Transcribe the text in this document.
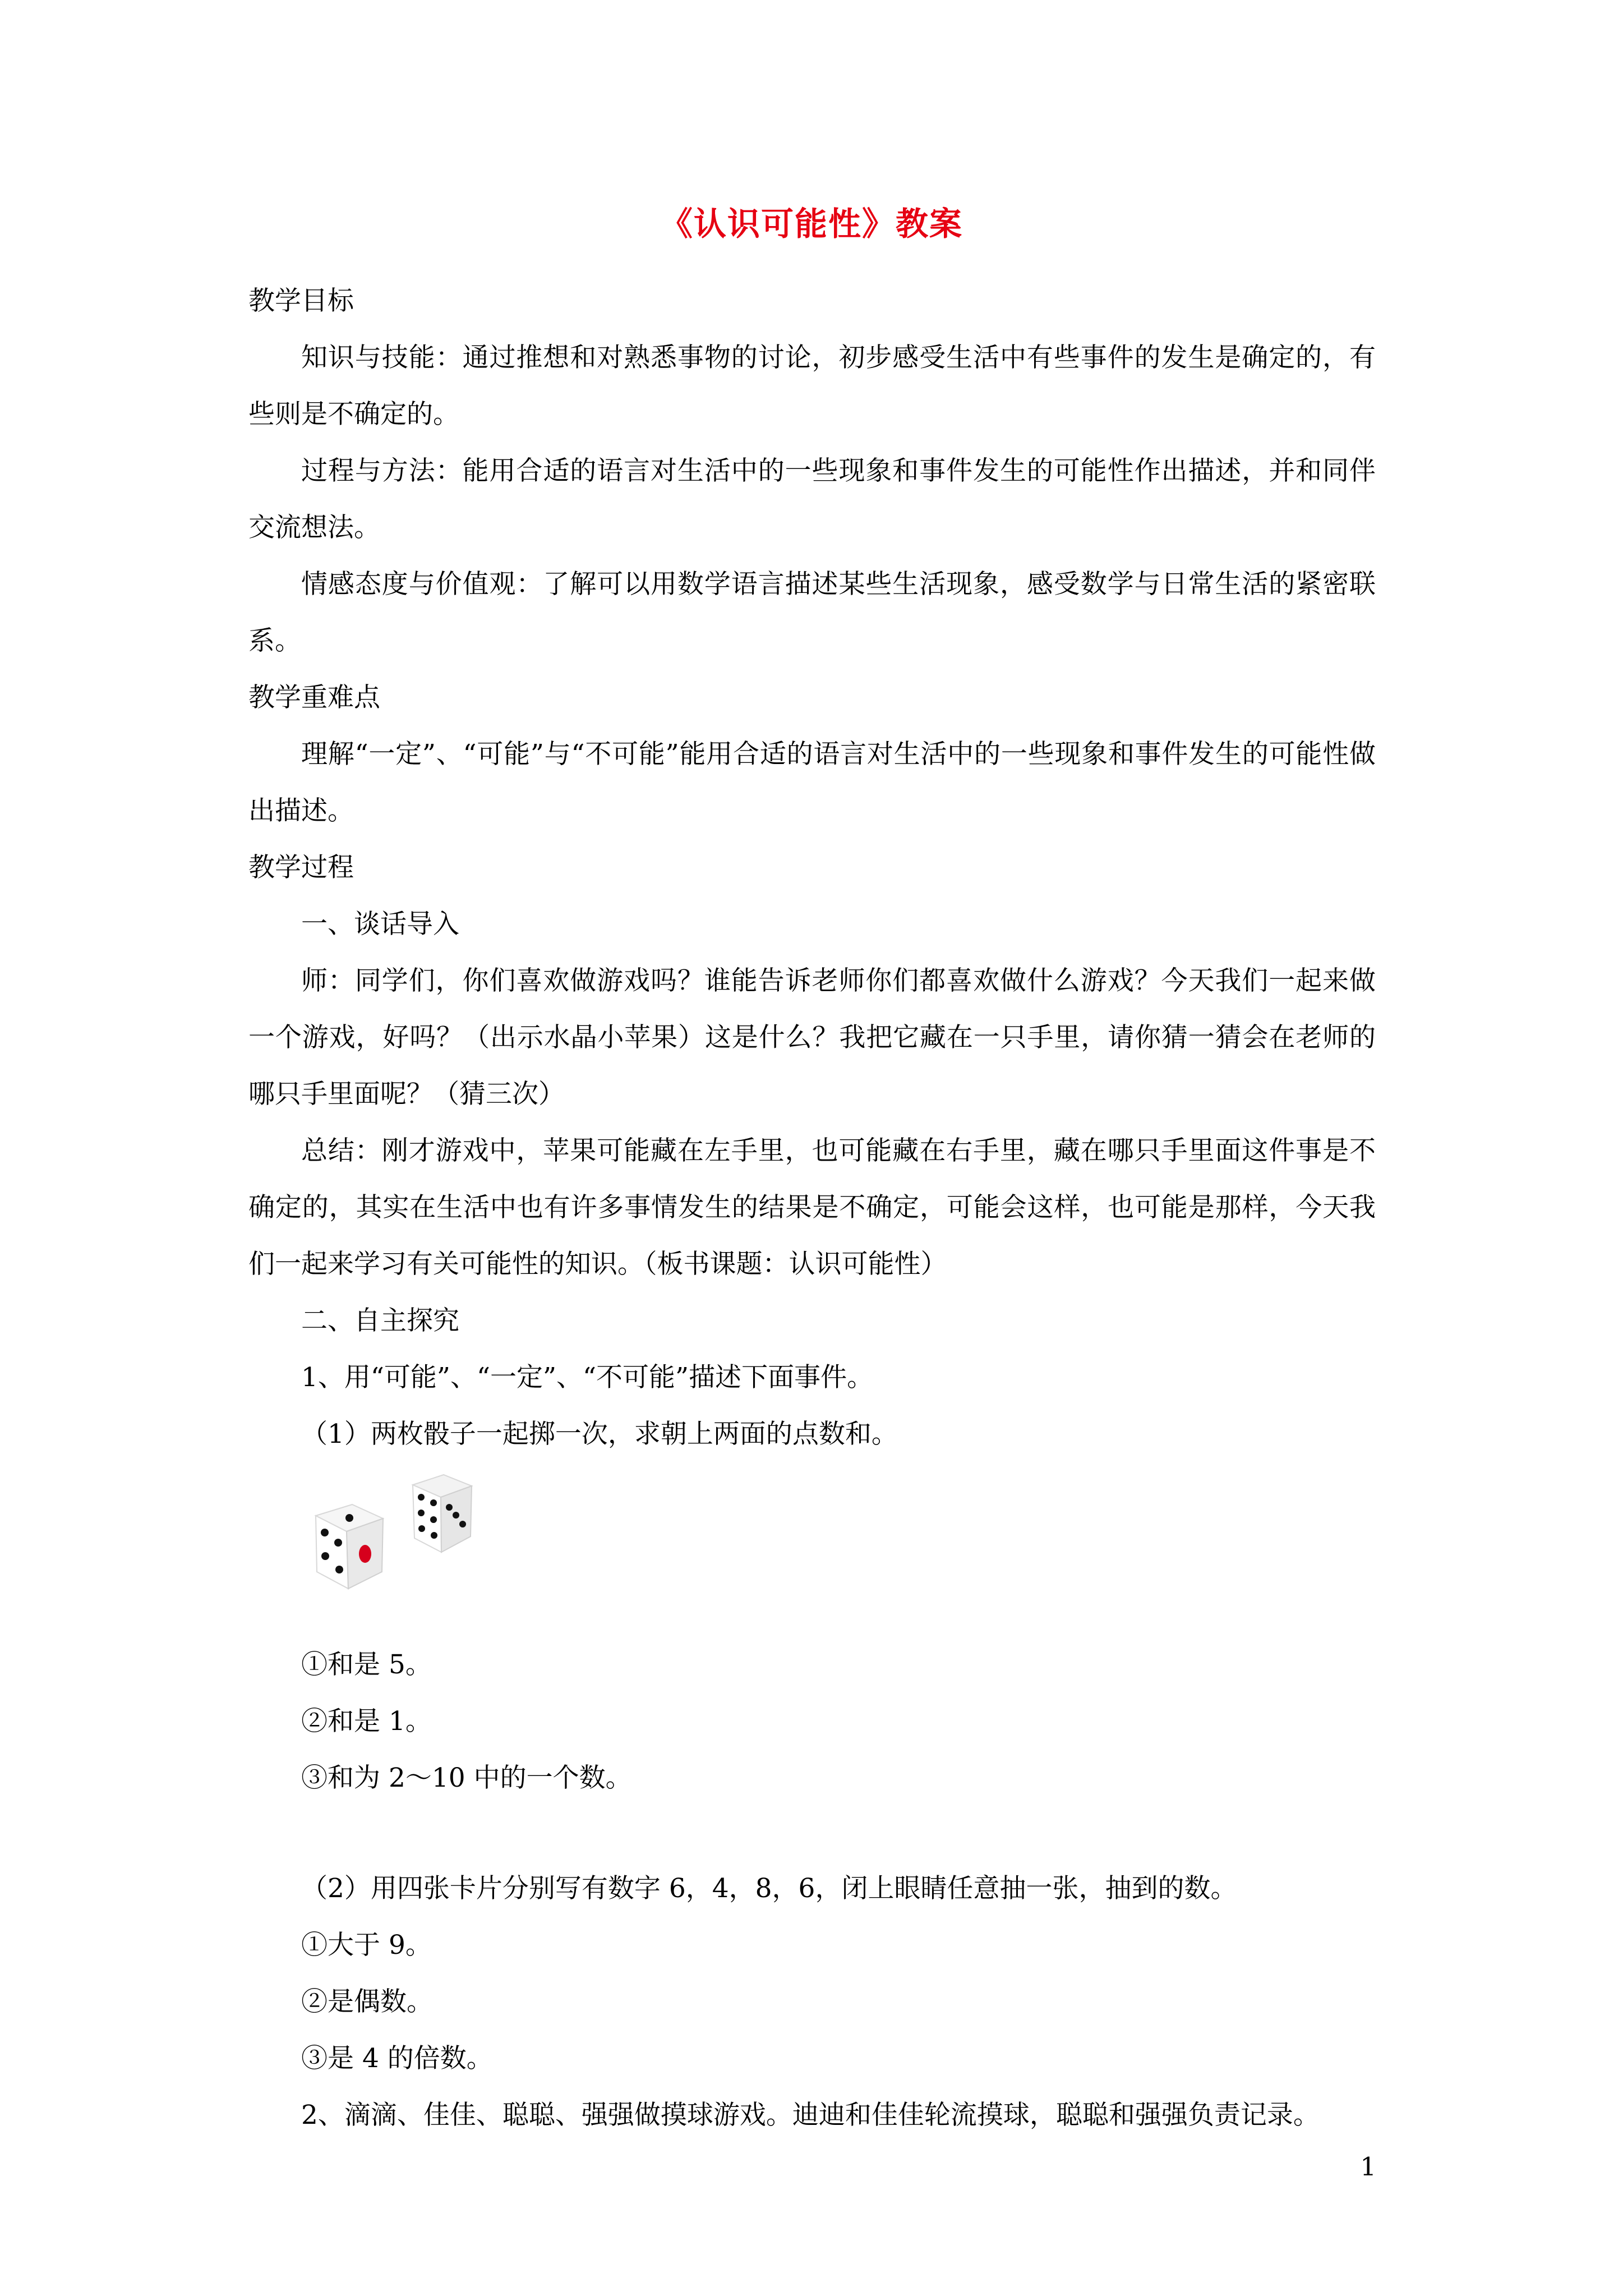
《认识可能性》教案

教学目标

知识与技能：通过推想和对熟悉事物的讨论，初步感受生活中有些事件的发生是确定的，有些则是不确定的。

过程与方法：能用合适的语言对生活中的一些现象和事件发生的可能性作出描述，并和同伴交流想法。

情感态度与价值观：了解可以用数学语言描述某些生活现象，感受数学与日常生活的紧密联系。

教学重难点

理解“一定”、“可能”与“不可能”能用合适的语言对生活中的一些现象和事件发生的可能性做出描述。

教学过程

一、谈话导入

师：同学们，你们喜欢做游戏吗？谁能告诉老师你们都喜欢做什么游戏？今天我们一起来做一个游戏，好吗？（出示水晶小苹果）这是什么？我把它藏在一只手里，请你猜一猜会在老师的哪只手里面呢？（猜三次）

总结：刚才游戏中，苹果可能藏在左手里，也可能藏在右手里，藏在哪只手里面这件事是不确定的，其实在生活中也有许多事情发生的结果是不确定，可能会这样，也可能是那样，今天我们一起来学习有关可能性的知识。（板书课题：认识可能性）

二、自主探究

1、用“可能”、“一定”、“不可能”描述下面事件。

（1）两枚骰子一起掷一次，求朝上两面的点数和。

①和是 5。

②和是 1。

③和为 2～10 中的一个数。

（2）用四张卡片分别写有数字 6，4，8，6，闭上眼睛任意抽一张，抽到的数。

①大于 9。

②是偶数。

③是 4 的倍数。

2、滴滴、佳佳、聪聪、强强做摸球游戏。迪迪和佳佳轮流摸球，聪聪和强强负责记录。

1
